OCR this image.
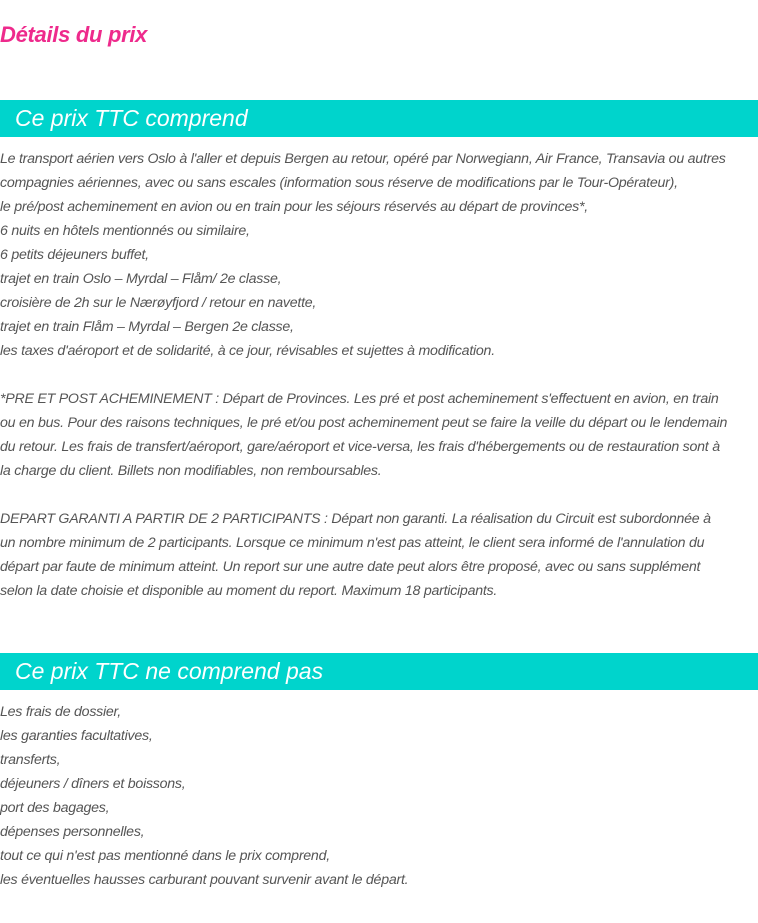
Détails du prix
Ce prix TTC comprend
Le transport aérien vers Oslo à l'aller et depuis Bergen au retour, opéré par Norwegiann, Air France, Transavia ou autres
compagnies aériennes, avec ou sans escales (information sous réserve de modifications par le Tour-Opérateur),
le pré/post acheminement en avion ou en train pour les séjours réservés au départ de provinces*,
6 nuits en hôtels mentionnés ou similaire,
6 petits déjeuners buffet,
trajet en train Oslo – Myrdal – Flåm/ 2e classe,
croisière de 2h sur le Nærøyfjord / retour en navette,
trajet en train Flåm – Myrdal – Bergen 2e classe,
les taxes d'aéroport et de solidarité, à ce jour, révisables et sujettes à modification.
*PRE ET POST ACHEMINEMENT : Départ de Provinces. Les pré et post acheminement s'effectuent en avion, en train
ou en bus. Pour des raisons techniques, le pré et/ou post acheminement peut se faire la veille du départ ou le lendemain
du retour. Les frais de transfert/aéroport, gare/aéroport et vice-versa, les frais d'hébergements ou de restauration sont à
la charge du client. Billets non modifiables, non remboursables.
DEPART GARANTI A PARTIR DE 2 PARTICIPANTS : Départ non garanti. La réalisation du Circuit est subordonnée à
un nombre minimum de 2 participants. Lorsque ce minimum n'est pas atteint, le client sera informé de l'annulation du
départ par faute de minimum atteint. Un report sur une autre date peut alors être proposé, avec ou sans supplément
selon la date choisie et disponible au moment du report. Maximum 18 participants.
Ce prix TTC ne comprend pas
Les frais de dossier,
les garanties facultatives,
transferts,
déjeuners / dîners et boissons,
port des bagages,
dépenses personnelles,
tout ce qui n'est pas mentionné dans le prix comprend,
les éventuelles hausses carburant pouvant survenir avant le départ.
